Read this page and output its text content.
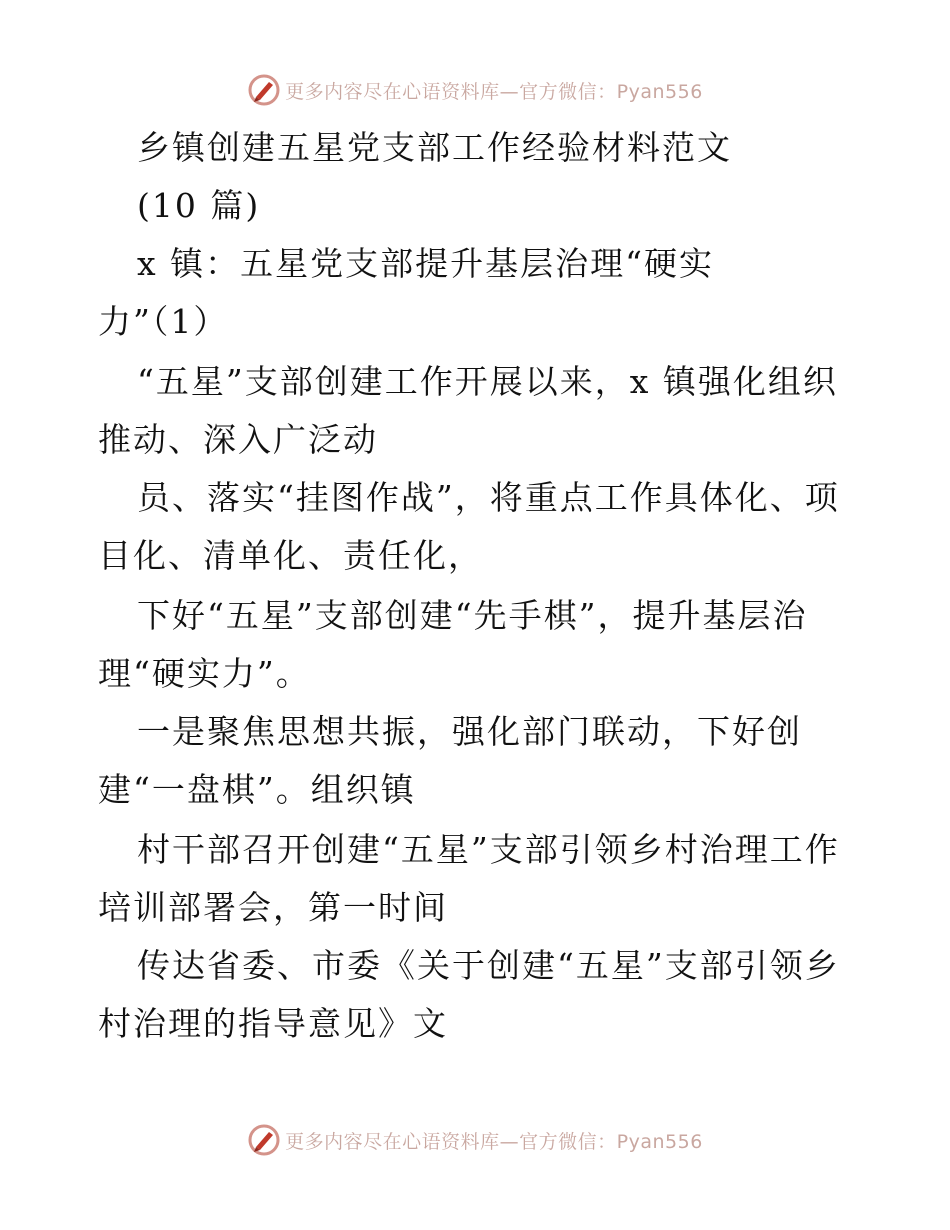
更多内容尽在心语资料库—官方微信：Pyan556
乡镇创建五星党支部工作经验材料范文
(10 篇)
x 镇：五星党支部提升基层治理“硬实
力”（1）
“五星”支部创建工作开展以来，x 镇强化组织
推动、深入广泛动
员、落实“挂图作战”，将重点工作具体化、项
目化、清单化、责任化，
下好“五星”支部创建“先手棋”，提升基层治
理“硬实力”。
一是聚焦思想共振，强化部门联动，下好创
建“一盘棋”。组织镇
村干部召开创建“五星”支部引领乡村治理工作
培训部署会，第一时间
传达省委、市委《关于创建“五星”支部引领乡
村治理的指导意见》文
更多内容尽在心语资料库—官方微信：Pyan556
